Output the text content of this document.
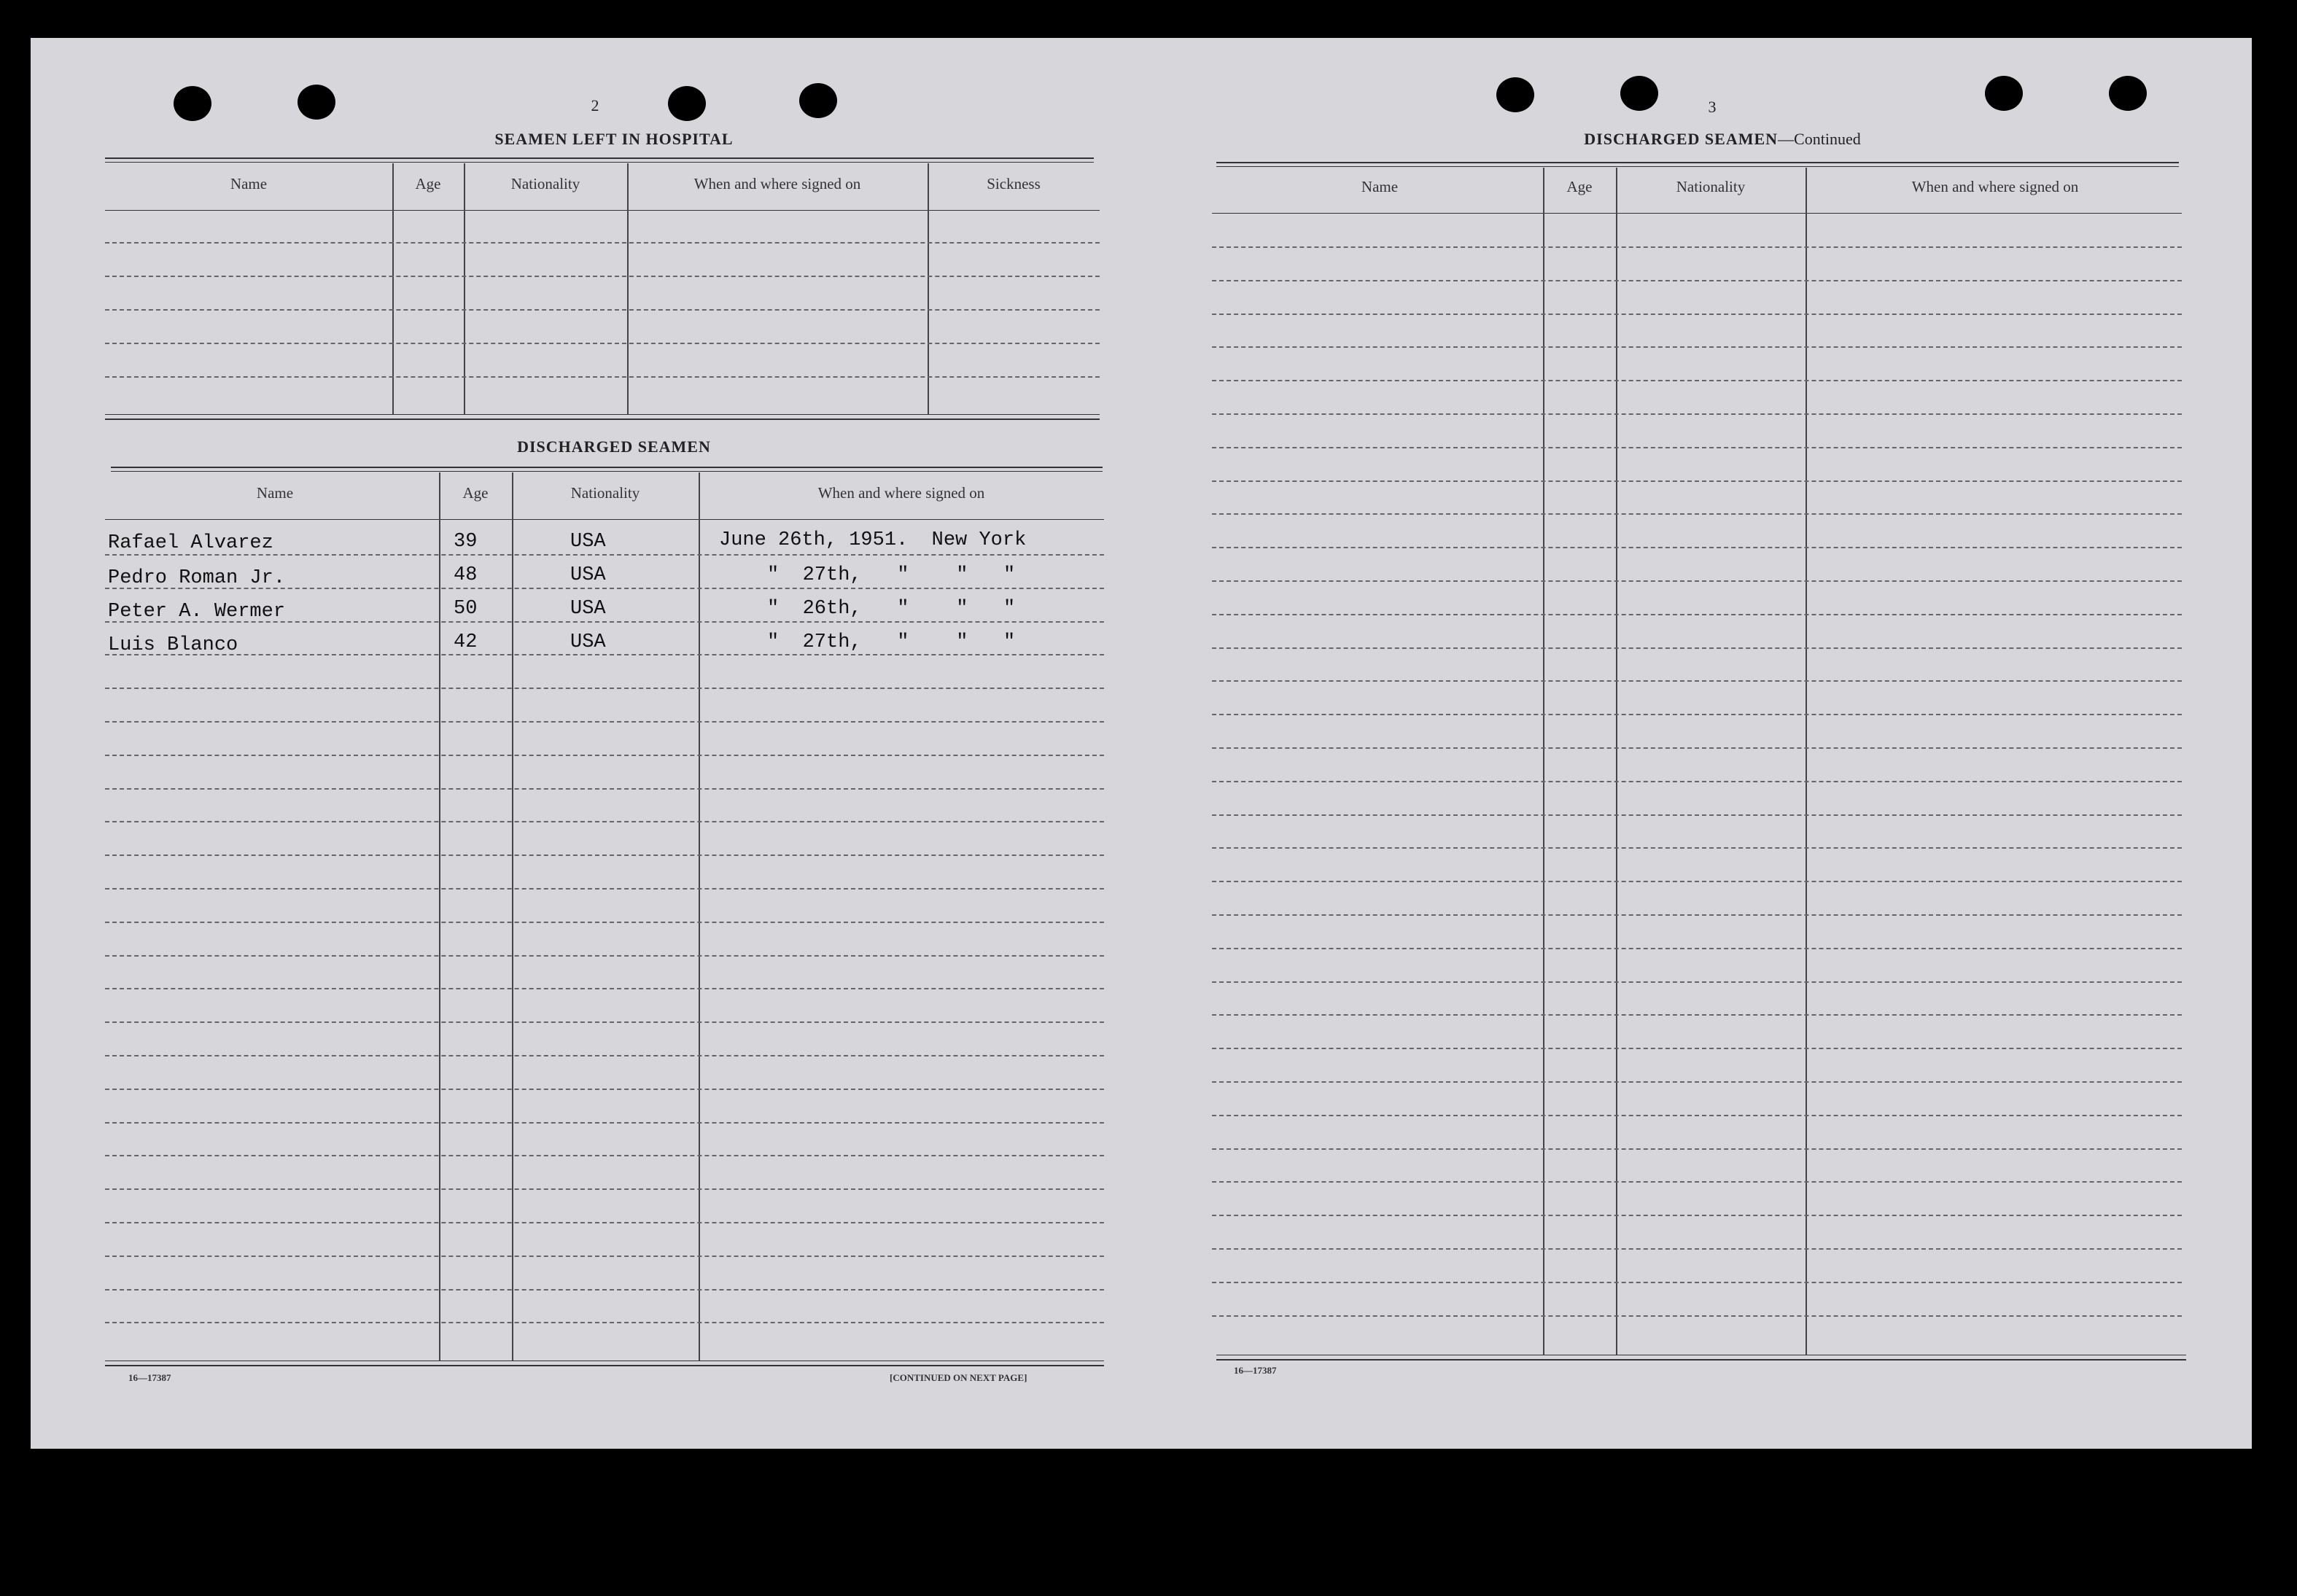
2
SEAMEN LEFT IN HOSPITAL
Name	Age	Nationality	When and where signed on	Sickness
DISCHARGED SEAMEN
Name	Age	Nationality	When and where signed on
Rafael Alvarez	39	USA	June 26th, 1951.  New York
Pedro Roman Jr.	48	USA	"  27th,   "    "   "
Peter A. Wermer	50	USA	"  26th,   "    "   "
Luis Blanco	42	USA	"  27th,   "    "   "
16—17387	[CONTINUED ON NEXT PAGE]
3
DISCHARGED SEAMEN—Continued
Name	Age	Nationality	When and where signed on
16—17387
